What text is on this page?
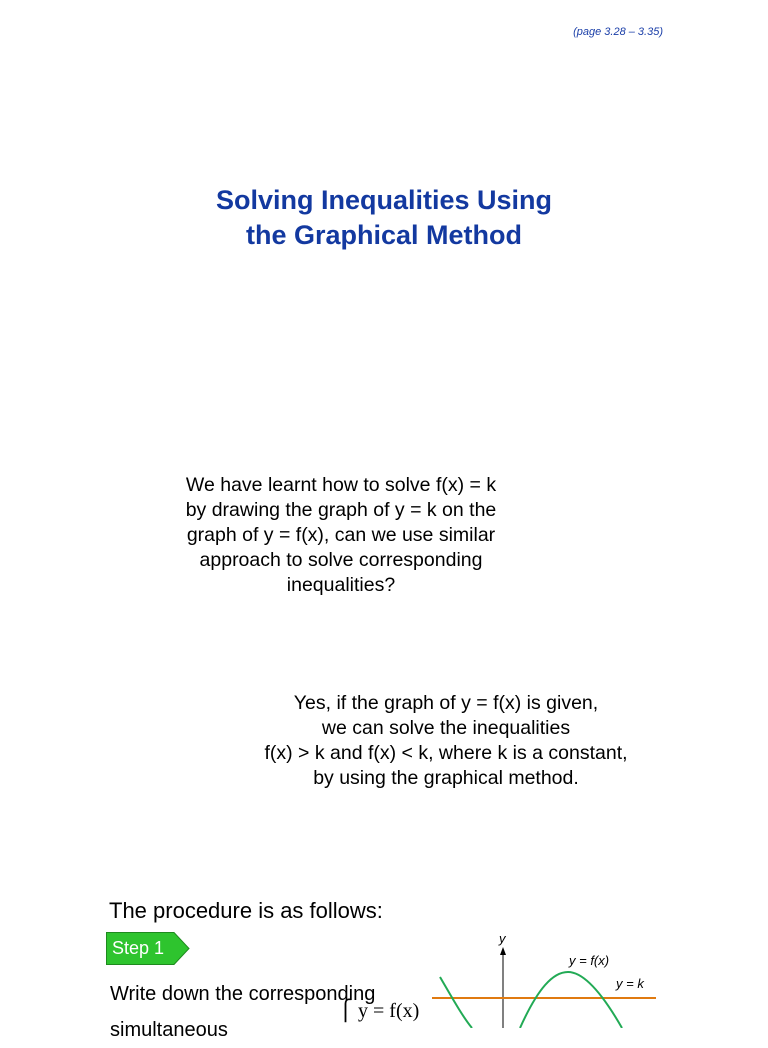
(page 3.28 – 3.35)
Solving Inequalities Using
the Graphical Method
We have learnt how to solve f(x) = k
by drawing the graph of y = k on the
graph of y = f(x), can we use similar
approach to solve corresponding
inequalities?
Yes, if the graph of y = f(x) is given,
we can solve the inequalities
f(x) > k and f(x) < k, where k is a constant,
by using the graphical method.
The procedure is as follows:
Step 1
Write down the corresponding
simultaneous
⎧ y = f(x)
y
y = f(x)
y = k
